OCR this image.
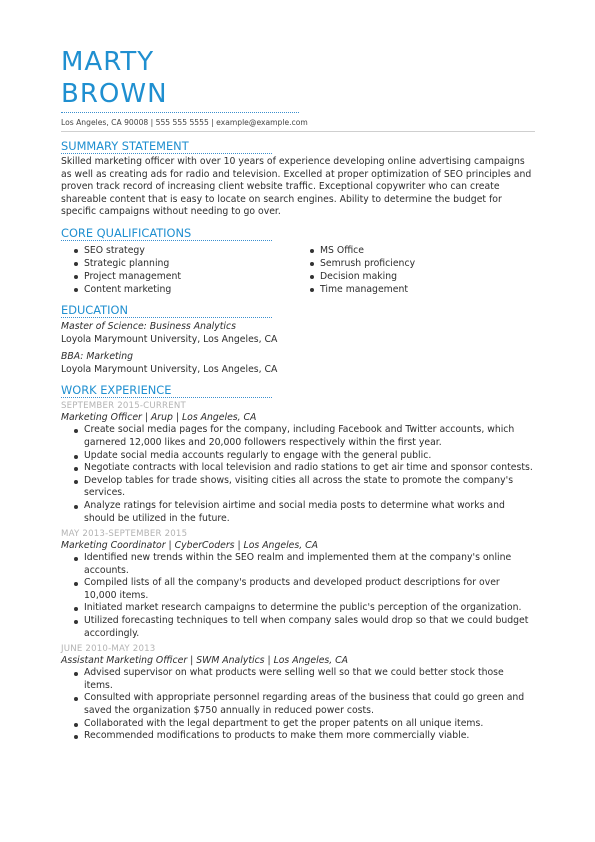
MARTY
BROWN
Los Angeles, CA 90008 | 555 555 5555 | example@example.com
SUMMARY STATEMENT
Skilled marketing officer with over 10 years of experience developing online advertising campaigns as well as creating ads for radio and television. Excelled at proper optimization of SEO principles and proven track record of increasing client website traffic. Exceptional copywriter who can create shareable content that is easy to locate on search engines. Ability to determine the budget for specific campaigns without needing to go over.
CORE QUALIFICATIONS
SEO strategy
Strategic planning
Project management
Content marketing
MS Office
Semrush proficiency
Decision making
Time management
EDUCATION
Master of Science: Business Analytics
Loyola Marymount University, Los Angeles, CA
BBA: Marketing
Loyola Marymount University, Los Angeles, CA
WORK EXPERIENCE
SEPTEMBER 2015-CURRENT
Marketing Officer | Arup | Los Angeles, CA
Create social media pages for the company, including Facebook and Twitter accounts, which garnered 12,000 likes and 20,000 followers respectively within the first year.
Update social media accounts regularly to engage with the general public.
Negotiate contracts with local television and radio stations to get air time and sponsor contests.
Develop tables for trade shows, visiting cities all across the state to promote the company's services.
Analyze ratings for television airtime and social media posts to determine what works and should be utilized in the future.
MAY 2013-SEPTEMBER 2015
Marketing Coordinator | CyberCoders | Los Angeles, CA
Identified new trends within the SEO realm and implemented them at the company's online accounts.
Compiled lists of all the company's products and developed product descriptions for over 10,000 items.
Initiated market research campaigns to determine the public's perception of the organization.
Utilized forecasting techniques to tell when company sales would drop so that we could budget accordingly.
JUNE 2010-MAY 2013
Assistant Marketing Officer | SWM Analytics | Los Angeles, CA
Advised supervisor on what products were selling well so that we could better stock those items.
Consulted with appropriate personnel regarding areas of the business that could go green and saved the organization $750 annually in reduced power costs.
Collaborated with the legal department to get the proper patents on all unique items.
Recommended modifications to products to make them more commercially viable.
